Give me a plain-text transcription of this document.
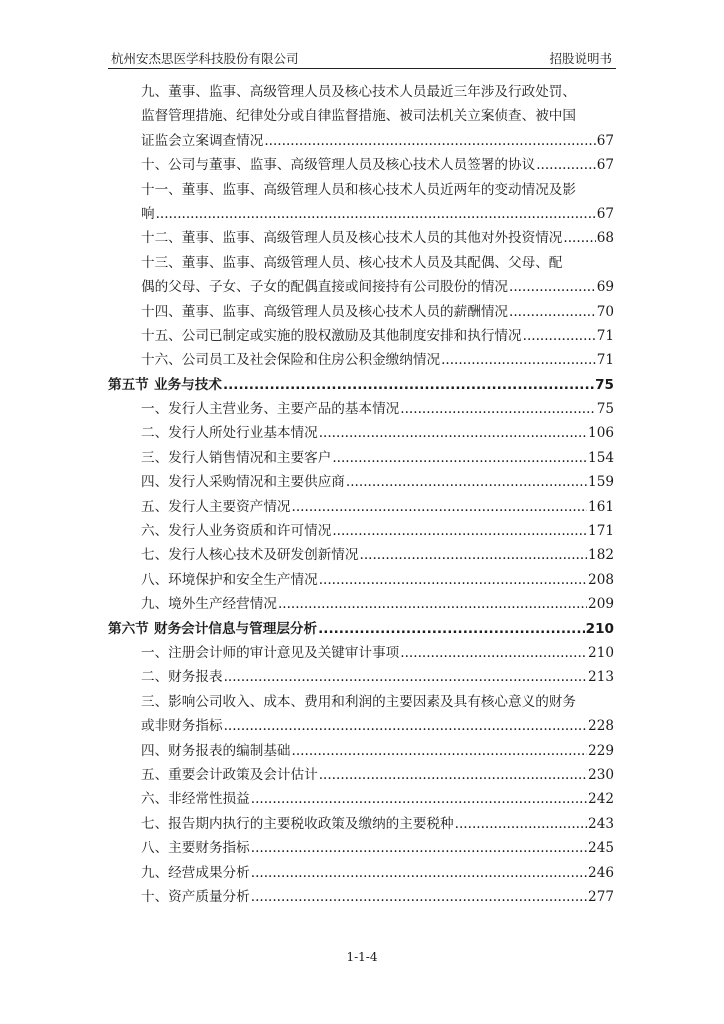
杭州安杰思医学科技股份有限公司	招股说明书
九、董事、监事、高级管理人员及核心技术人员最近三年涉及行政处罚、
监督管理措施、纪律处分或自律监督措施、被司法机关立案侦查、被中国
证监会立案调查情况 .....	67
十、公司与董事、监事、高级管理人员及核心技术人员签署的协议 .....	67
十一、董事、监事、高级管理人员和核心技术人员近两年的变动情况及影
响 .....	67
十二、董事、监事、高级管理人员及核心技术人员的其他对外投资情况 .....	68
十三、董事、监事、高级管理人员、核心技术人员及其配偶、父母、配
偶的父母、子女、子女的配偶直接或间接持有公司股份的情况 .....	69
十四、董事、监事、高级管理人员及核心技术人员的薪酬情况 .....	70
十五、公司已制定或实施的股权激励及其他制度安排和执行情况 .....	71
十六、公司员工及社会保险和住房公积金缴纳情况 .....	71
第五节 业务与技术 .....	75
一、发行人主营业务、主要产品的基本情况 .....	75
二、发行人所处行业基本情况 .....	106
三、发行人销售情况和主要客户 .....	154
四、发行人采购情况和主要供应商 .....	159
五、发行人主要资产情况 .....	161
六、发行人业务资质和许可情况 .....	171
七、发行人核心技术及研发创新情况 .....	182
八、环境保护和安全生产情况 .....	208
九、境外生产经营情况 .....	209
第六节 财务会计信息与管理层分析 .....	210
一、注册会计师的审计意见及关键审计事项 .....	210
二、财务报表 .....	213
三、影响公司收入、成本、费用和利润的主要因素及具有核心意义的财务
或非财务指标 .....	228
四、财务报表的编制基础 .....	229
五、重要会计政策及会计估计 .....	230
六、非经常性损益 .....	242
七、报告期内执行的主要税收政策及缴纳的主要税种 .....	243
八、主要财务指标 .....	245
九、经营成果分析 .....	246
十、资产质量分析 .....	277
1-1-4
